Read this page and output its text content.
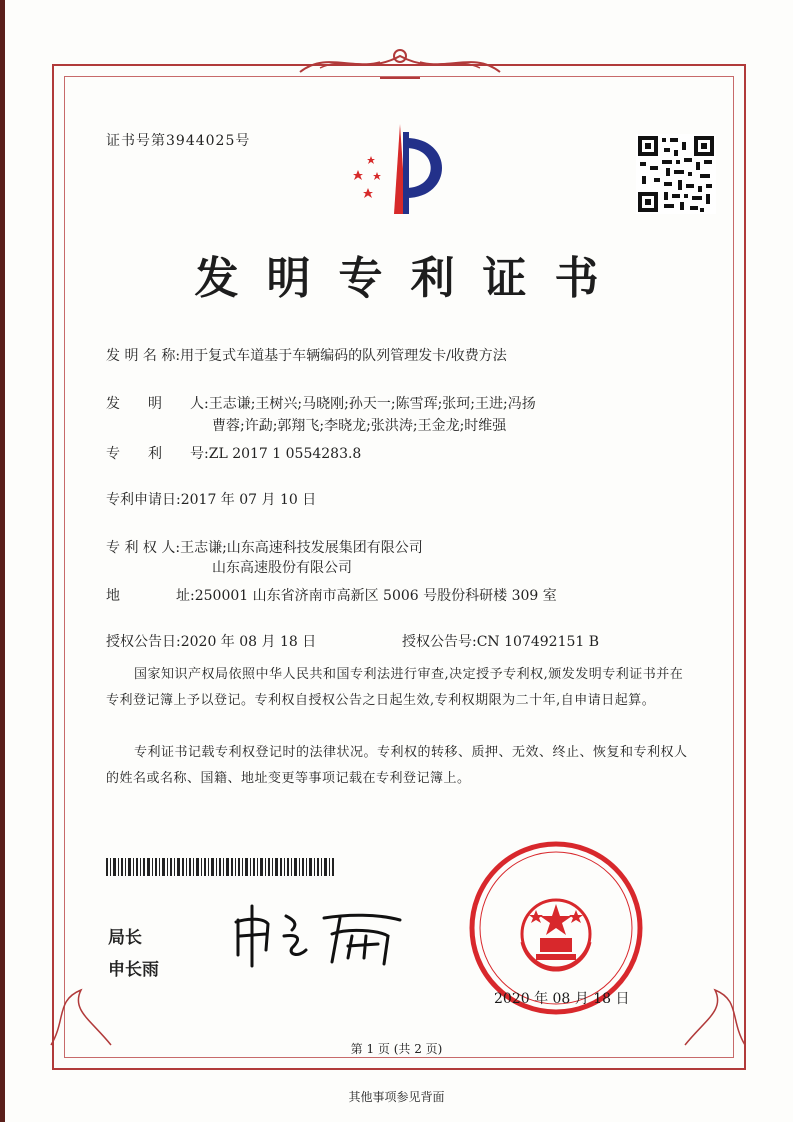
证书号第3944025号
发明专利证书
发 明 名 称:用于复式车道基于车辆编码的队列管理发卡/收费方法
发　　明　　人:王志谦;王树兴;马晓刚;孙天一;陈雪珲;张珂;王进;冯扬
曹蓉;许勐;郭翔飞;李晓龙;张洪涛;王金龙;时维强
专　　利　　号:ZL 2017 1 0554283.8
专利申请日:2017 年 07 月 10 日
专 利 权 人:王志谦;山东高速科技发展集团有限公司
山东高速股份有限公司
地　　　　址:250001 山东省济南市高新区 5006 号股份科研楼 309 室
授权公告日:2020 年 08 月 18 日	授权公告号:CN 107492151 B
国家知识产权局依照中华人民共和国专利法进行审查,决定授予专利权,颁发发明专利证书并在专利登记簿上予以登记。专利权自授权公告之日起生效,专利权期限为二十年,自申请日起算。
专利证书记载专利权登记时的法律状况。专利权的转移、质押、无效、终止、恢复和专利权人的姓名或名称、国籍、地址变更等事项记载在专利登记簿上。
局长
申长雨
2020 年 08 月 18 日
第 1 页 (共 2 页)
其他事项参见背面
